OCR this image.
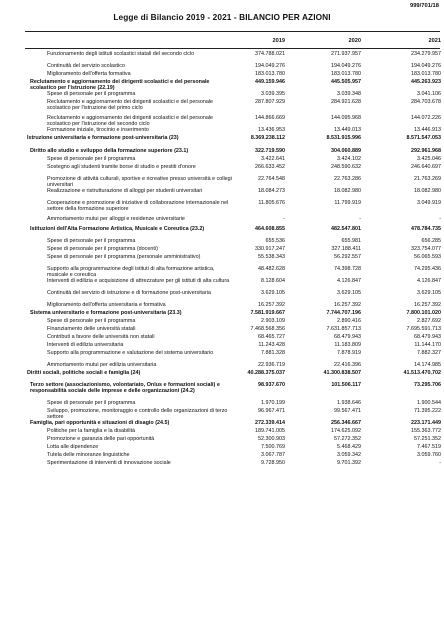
999/701/18
Legge di Bilancio 2019 - 2021 - BILANCIO PER AZIONI
2019	2020	2021
Funzionamento degli istituti scolastici statali del secondo ciclo	374.788.021	271.937.957	234.279.957
Continuità del servizio scolastico	194.049.276	194.049.276	194.049.276
Miglioramento dell'offerta formativa	183.013.780	183.013.780	183.013.780
Reclutamento e aggiornamento dei dirigenti scolastici e del personale scolastico per l'istruzione (22.19)
449.159.946	445.505.957	445.263.923
Spese di personale per il programma	3.039.395	3.039.348	3.041.106
Reclutamento e aggiornamento dei dirigenti scolastici e del personale scolastico per l'istruzione del primo ciclo
287.807.929	284.921.628	284.703.678
Reclutamento e aggiornamento dei dirigenti scolastici e del personale scolastico per l'istruzione del secondo ciclo
144.866.669	144.095.968	144.072.226
Formazione iniziale, tirocinio e inserimento	13.436.953	13.449.013	13.446.913
Istruzione universitaria e formazione post-universitaria (23)	8.369.238.112	8.531.915.996	8.571.547.053
Diritto allo studio e sviluppo della formazione superiore (23.1)	322.719.590	304.060.889	292.961.968
Spese di personale per il programma	3.422.641	3.424.102	3.425.046
Sostegno agli studenti tramite borse di studio e prestiti d'onore	266.633.452	248.590.632	246.640.697
Promozione di attività culturali, sportive e ricreative presso università e collegi universitari
22.764.548	22.763.286	21.763.269
Realizzazione e ristrutturazione di alloggi per studenti universitari	18.084.273	18.082.980	18.082.980
Cooperazione e promozione di iniziative di collaborazione internazionale nel settore della formazione superiore
11.805.676	11.799.919	3.049.919
Ammortamento mutui per alloggi e residenze universitarie	-	-	-
Istituzioni dell'Alta Formazione Artistica, Musicale e Coreutica (23.2)	464.608.855	482.547.801	478.784.735
Spese di personale per il programma	655.536	655.981	656.285
Spese di personale per il programma (docenti)	330.917.247	327.188.411	323.754.077
Spese di personale per il programma (personale amministrativo)	55.538.343	56.292.557	56.065.593
Supporto alla programmazione degli istituti di alta formazione artistica, musicale e coreutica
48.482.628	74.398.728	74.295.436
Interventi di edilizia e acquisizione di attrezzature per gli istituti di alta cultura	8.128.604	4.126.847	4.126.847
Continuità del servizio di istruzione e di formazione post-universitaria	3.629.105	3.629.105	3.629.105
Miglioramento dell'offerta universitaria e formativa	16.257.392	16.257.392	16.257.392
Sistema universitario e formazione post-universitaria (23.3)	7.581.919.667	7.744.707.196	7.800.101.020
Spese di personale per il programma	2.903.109	2.890.416	2.827.692
Finanziamento delle università statali	7.468.568.356	7.631.857.713	7.695.591.713
Contributi a favore delle università non statali	68.465.727	68.479.943	68.479.943
Interventi di edilizia universitaria	11.243.428	11.183.809	11.144.170
Supporto alla programmazione e valutazione del sistema universitario	7.881.328	7.878.919	7.882.327
Ammortamento mutui per edilizia universitaria	22.936.719	22.416.396	14.174.985
Diritti sociali, politiche sociali e famiglia (24)	40.288.375.037	41.300.838.507	41.513.470.702
Terzo settore (associazionismo, volontariato, Onlus e formazioni sociali) e responsabilità sociale delle imprese e delle organizzazioni (24.2)
98.937.670	101.506.117	73.295.706
Spese di personale per il programma	1.970.199	1.938.646	1.900.544
Sviluppo, promozione, monitoraggio e controllo delle organizzazioni di terzo settore
96.967.471	99.567.471	71.395.222
Famiglia, pari opportunità e situazioni di disagio (24.5)	272.339.414	256.346.667	223.171.449
Politiche per la famiglia e la disabilità	189.741.005	174.625.092	155.363.772
Promozione e garanzia delle pari opportunità	52.300.903	57.272.352	57.251.352
Lotta alle dipendenze	7.500.769	5.468.429	7.467.519
Tutela delle minoranze linguistiche	3.067.787	3.059.342	3.059.760
Sperimentazione di interventi di innovazione sociale	9.728.950	9.701.392	-
